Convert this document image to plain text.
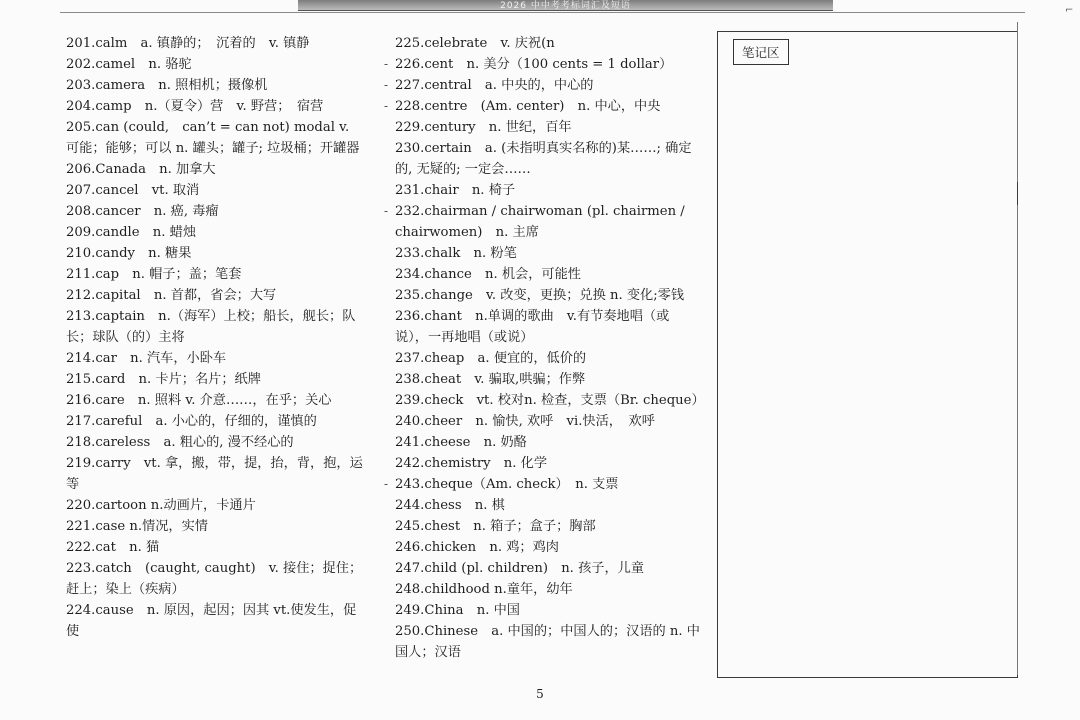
2026 中中考考标词汇及短语	⌐
201.calm　a. 镇静的；　沉着的　v. 镇静
202.camel　n. 骆驼
203.camera　n. 照相机；摄像机
204.camp　n.（夏令）营　v. 野营；　宿营
205.can (could,　can’t = can not) modal v. 可能；能够；可以 n. 罐头；罐子; 垃圾桶；开罐器
206.Canada　n. 加拿大
207.cancel　vt. 取消
208.cancer　n. 癌, 毒瘤
209.candle　n. 蜡烛
210.candy　n. 糖果
211.cap　n. 帽子；盖；笔套
212.capital　n. 首都，省会；大写
213.captain　n.（海军）上校；船长，舰长；队长；球队（的）主将
214.car　n. 汽车，小卧车
215.card　n. 卡片；名片；纸牌
216.care　n. 照料 v. 介意……，在乎；关心
217.careful　a. 小心的，仔细的，谨慎的
218.careless　a. 粗心的, 漫不经心的
219.carry　vt. 拿，搬，带，提，抬，背，抱，运等
220.cartoon n.动画片，卡通片
221.case n.情况，实情
222.cat　n. 猫
223.catch　(caught, caught)　v. 接住；捉住；赶上；染上（疾病）
224.cause　n. 原因，起因；因其 vt.使发生，促使
225.celebrate　v. 庆祝(n
- 226.cent　n. 美分（100 cents = 1 dollar）
- 227.central　a. 中央的，中心的
- 228.centre　(Am. center)　n. 中心，中央
229.century　n. 世纪，百年
230.certain　a. (未指明真实名称的)某……; 确定的, 无疑的; 一定会……
231.chair　n. 椅子
- 232.chairman / chairwoman (pl. chairmen / chairwomen)　n. 主席
233.chalk　n. 粉笔
234.chance　n. 机会，可能性
235.change　v. 改变，更换；兑换 n. 变化;零钱
236.chant　n.单调的歌曲　v.有节奏地唱（或说），一再地唱（或说）
237.cheap　a. 便宜的，低价的
238.cheat　v. 骗取,哄骗；作弊
239.check　vt. 校对n. 检查，支票（Br. cheque）
240.cheer　n. 愉快, 欢呼　vi.快活，　欢呼
241.cheese　n. 奶酪
242.chemistry　n. 化学
- 243.cheque（Am. check）　n. 支票
244.chess　n. 棋
245.chest　n. 箱子；盒子；胸部
246.chicken　n. 鸡；鸡肉
247.child (pl. children)　n. 孩子，儿童
248.childhood n.童年，幼年
249.China　n. 中国
250.Chinese　a. 中国的；中国人的；汉语的 n. 中国人；汉语
笔记区
5
